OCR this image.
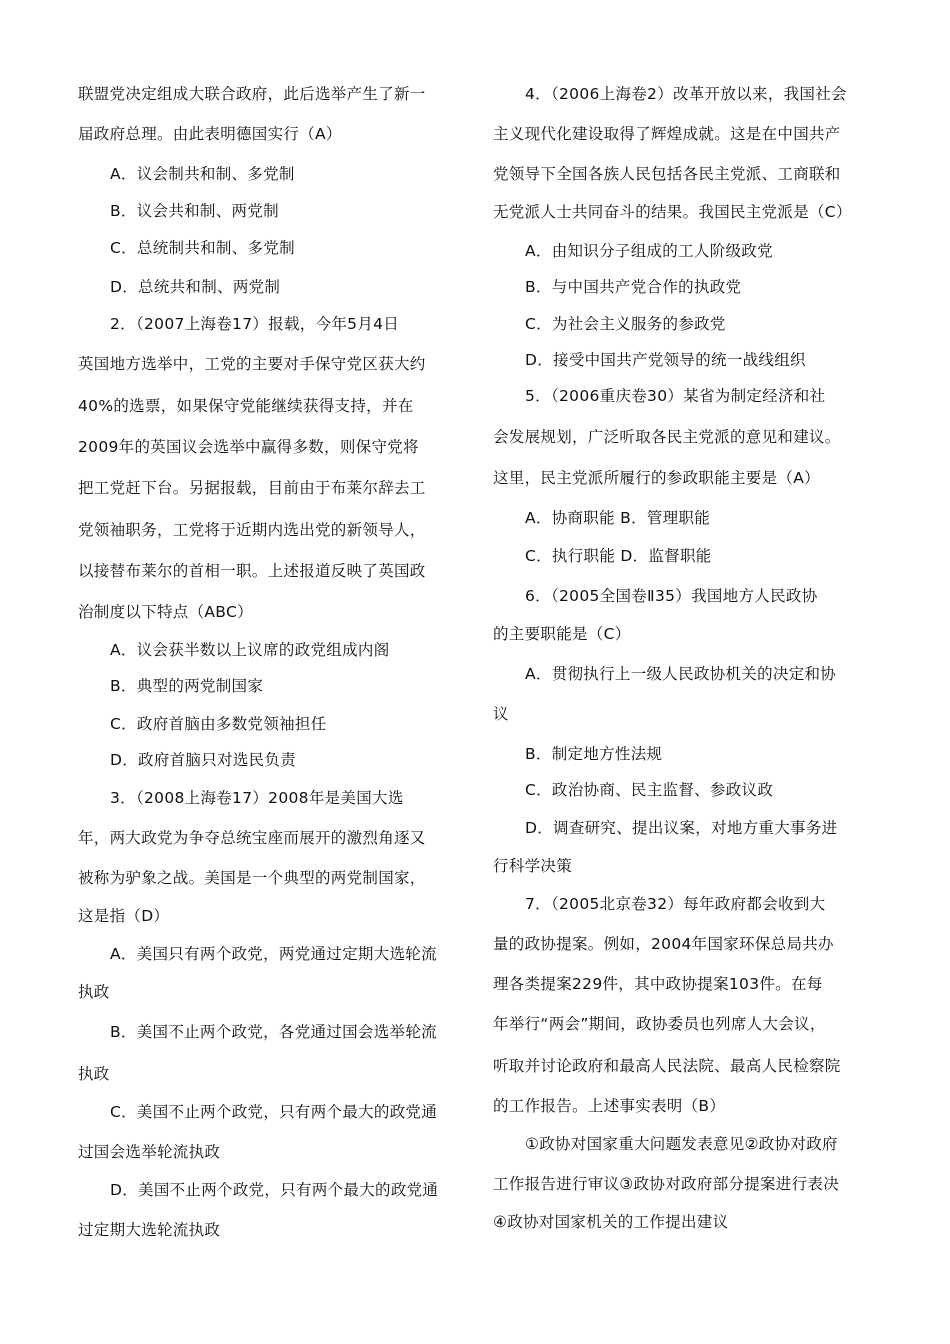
联盟党决定组成大联合政府，此后选举产生了新一
届政府总理。由此表明德国实行（A）
A．议会制共和制、多党制
B．议会共和制、两党制
C．总统制共和制、多党制
D．总统共和制、两党制
2．（2007上海卷17）报载，今年5月4日
英国地方选举中，工党的主要对手保守党区获大约
40%的选票，如果保守党能继续获得支持，并在
2009年的英国议会选举中赢得多数，则保守党将
把工党赶下台。另据报载，目前由于布莱尔辞去工
党领袖职务，工党将于近期内选出党的新领导人，
以接替布莱尔的首相一职。上述报道反映了英国政
治制度以下特点（ABC）
A．议会获半数以上议席的政党组成内阁
B．典型的两党制国家
C．政府首脑由多数党领袖担任
D．政府首脑只对选民负责
3．（2008上海卷17）2008年是美国大选
年，两大政党为争夺总统宝座而展开的激烈角逐又
被称为驴象之战。美国是一个典型的两党制国家，
这是指（D）
A．美国只有两个政党，两党通过定期大选轮流
执政
B．美国不止两个政党，各党通过国会选举轮流
执政
C．美国不止两个政党，只有两个最大的政党通
过国会选举轮流执政
D．美国不止两个政党，只有两个最大的政党通
过定期大选轮流执政
4．（2006上海卷2）改革开放以来，我国社会
主义现代化建设取得了辉煌成就。这是在中国共产
党领导下全国各族人民包括各民主党派、工商联和
无党派人士共同奋斗的结果。我国民主党派是（C）
A．由知识分子组成的工人阶级政党
B．与中国共产党合作的执政党
C．为社会主义服务的参政党
D．接受中国共产党领导的统一战线组织
5．（2006重庆卷30）某省为制定经济和社
会发展规划，广泛听取各民主党派的意见和建议。
这里，民主党派所履行的参政职能主要是（A）
A．协商职能 B．管理职能
C．执行职能 D．监督职能
6．（2005全国卷Ⅱ35）我国地方人民政协
的主要职能是（C）
A．贯彻执行上一级人民政协机关的决定和协
议
B．制定地方性法规
C．政治协商、民主监督、参政议政
D．调查研究、提出议案，对地方重大事务进
行科学决策
7．（2005北京卷32）每年政府都会收到大
量的政协提案。例如，2004年国家环保总局共办
理各类提案229件，其中政协提案103件。在每
年举行“两会”期间，政协委员也列席人大会议，
听取并讨论政府和最高人民法院、最高人民检察院
的工作报告。上述事实表明（B）
①政协对国家重大问题发表意见②政协对政府
工作报告进行审议③政协对政府部分提案进行表决
④政协对国家机关的工作提出建议
